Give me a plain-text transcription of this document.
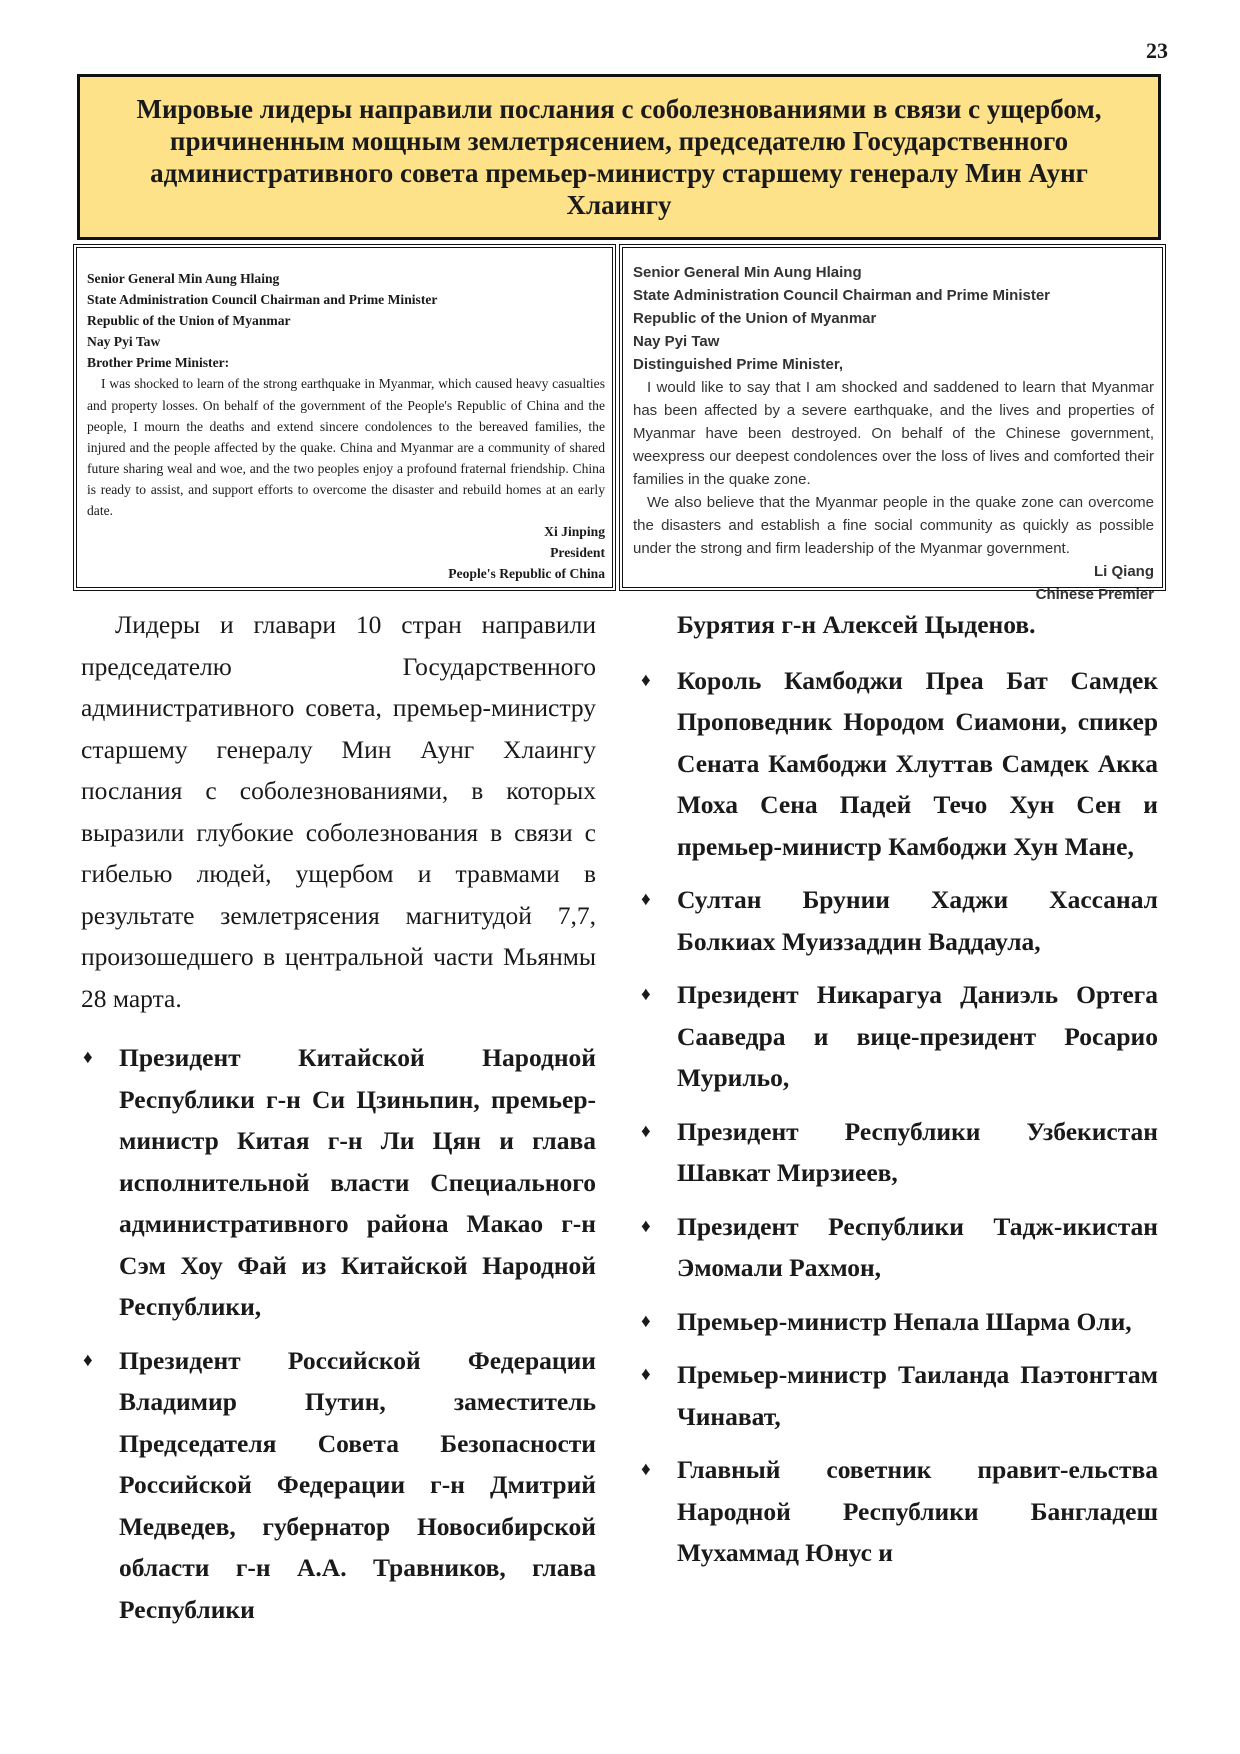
23
Мировые лидеры направили послания с соболезнованиями в связи с ущербом, причиненным мощным землетрясением, председателю Государственного административного совета премьер-министру старшему генералу Мин Аунг Хлаингу

Senior General Min Aung Hlaing

State Administration Council Chairman and Prime Minister

Republic of the Union of Myanmar

Nay Pyi Taw

Brother Prime Minister:

I was shocked to learn of the strong earthquake in Myanmar, which caused heavy casualties and property losses. On behalf of the government of the People's Republic of China and the people, I mourn the deaths and extend sincere condolences to the bereaved families, the injured and the people affected by the quake. China and Myanmar are a community of shared future sharing weal and woe, and the two peoples enjoy a profound fraternal friendship. China is ready to assist, and support efforts to overcome the disaster and rebuild homes at an early date.

Xi Jinping

President

People's Republic of China

Senior General Min Aung Hlaing

State Administration Council Chairman and Prime Minister

Republic of the Union of Myanmar

Nay Pyi Taw

Distinguished Prime Minister,

I would like to say that I am shocked and saddened to learn that Myanmar has been affected by a severe earthquake, and the lives and properties of Myanmar have been destroyed. On behalf of the Chinese government, weexpress our deepest condolences over the loss of lives and comforted their families in the quake zone.

We also believe that the Myanmar people in the quake zone can overcome the disasters and establish a fine social community as quickly as possible under the strong and firm leadership of the Myanmar government.

Li Qiang

Chinese Premier

Лидеры и главари 10 стран направили председателю Государственного административного совета, премьер-министру старшему генералу Мин Аунг Хлаингу послания с соболезнованиями, в которых выразили глубокие соболезнования в связи с гибелью людей, ущербом и травмами в результате землетрясения магнитудой 7,7, произошедшего в центральной части Мьянмы 28 марта.

♦ Президент Китайской Народной Республики г-н Си Цзиньпин, премьер-министр Китая г-н Ли Цян и глава исполнительной власти Специального административного района Макао г-н Сэм Хоу Фай из Китайской Народной Республики,
♦ Президент Российской Федерации Владимир Путин, заместитель Председателя Совета Безопасности Российской Федерации г-н Дмитрий Медведев, губернатор Новосибирской области г-н А.А. Травников, глава Республики

Бурятия г-н Алексей Цыденов.

♦ Король Камбоджи Преа Бат Самдек Проповедник Нородом Сиамони, спикер Сената Камбоджи Хлуттав Самдек Акка Моха Сена Падей Течо Хун Сен и премьер-министр Камбоджи Хун Мане,
♦ Султан Брунии Хаджи Хассанал Болкиах Муиззаддин Ваддаула,
♦ Президент Никарагуа Даниэль Ортега Сааведра и вице-президент Росарио Мурильо,
♦ Президент Республики Узбекистан Шавкат Мирзиеев,
♦ Президент Республики Тадж-икистан Эмомали Рахмон,
♦ Премьер-министр Непала Шарма Оли,
♦ Премьер-министр Таиланда Паэтонгтам Чинават,
♦ Главный советник правит-ельства Народной Республики Бангладеш Мухаммад Юнус и
